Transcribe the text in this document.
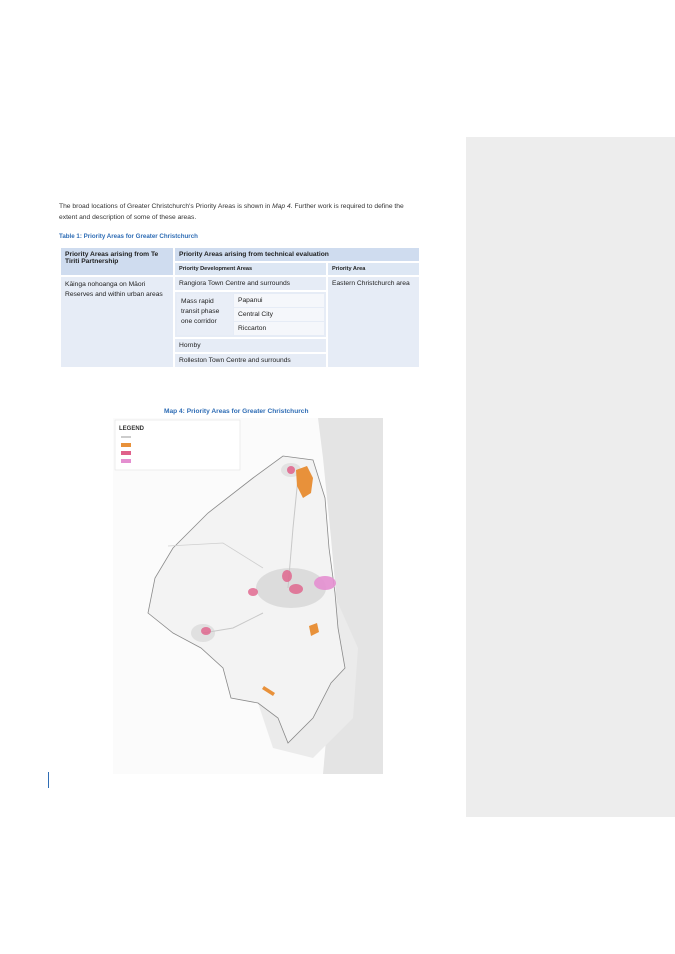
The broad locations of Greater Christchurch's Priority Areas is shown in Map 4. Further work is required to define the extent and description of some of these areas.

Table 1: Priority Areas for Greater Christchurch
Priority Areas arising from Te Tiriti Partnership	Priority Areas arising from technical evaluation
Priority Development Areas	Priority Area
Kāinga nohoanga on Māori Reserves and within urban areas	Rangiora Town Centre and surrounds	Eastern Christchurch area

Mass rapid transit phase one corridor	Papanui
Central City
Riccarton

Hornby
Rolleston Town Centre and surrounds
Map 4: Priority Areas for Greater Christchurch
LEGEND
